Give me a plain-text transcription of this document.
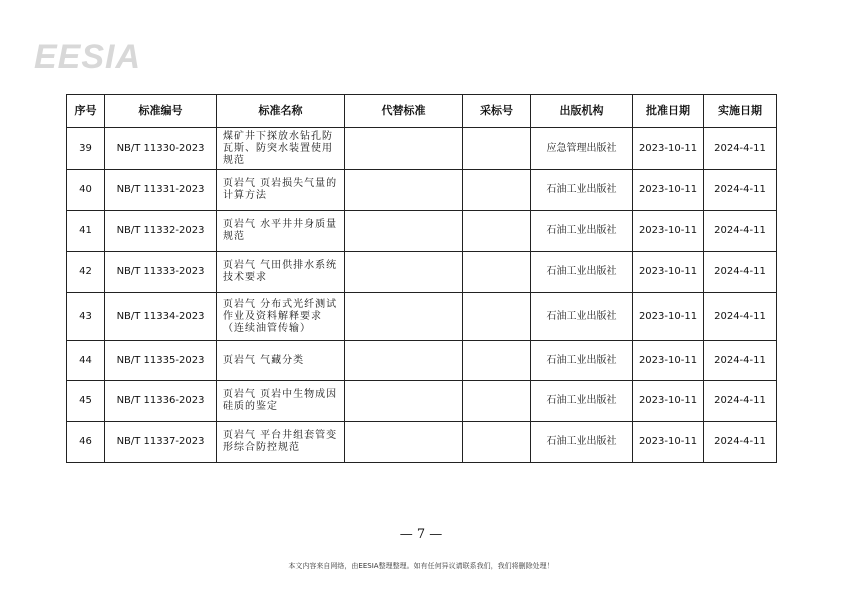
EESIA
序号	标准编号	标准名称	代替标准	采标号	出版机构	批准日期	实施日期
39	NB/T 11330-2023	煤矿井下探放水钻孔防瓦斯、防突水装置使用规范			应急管理出版社	2023-10-11	2024-4-11
40	NB/T 11331-2023	页岩气 页岩损失气量的计算方法			石油工业出版社	2023-10-11	2024-4-11
41	NB/T 11332-2023	页岩气 水平井井身质量规范			石油工业出版社	2023-10-11	2024-4-11
42	NB/T 11333-2023	页岩气 气田供排水系统技术要求			石油工业出版社	2023-10-11	2024-4-11
43	NB/T 11334-2023	页岩气 分布式光纤测试作业及资料解释要求（连续油管传输）			石油工业出版社	2023-10-11	2024-4-11
44	NB/T 11335-2023	页岩气 气藏分类			石油工业出版社	2023-10-11	2024-4-11
45	NB/T 11336-2023	页岩气 页岩中生物成因硅质的鉴定			石油工业出版社	2023-10-11	2024-4-11
46	NB/T 11337-2023	页岩气 平台井组套管变形综合防控规范			石油工业出版社	2023-10-11	2024-4-11
— 7 —
本文内容来自网络，由EESIA整理整理。如有任何异议请联系我们，我们将删除处理！
